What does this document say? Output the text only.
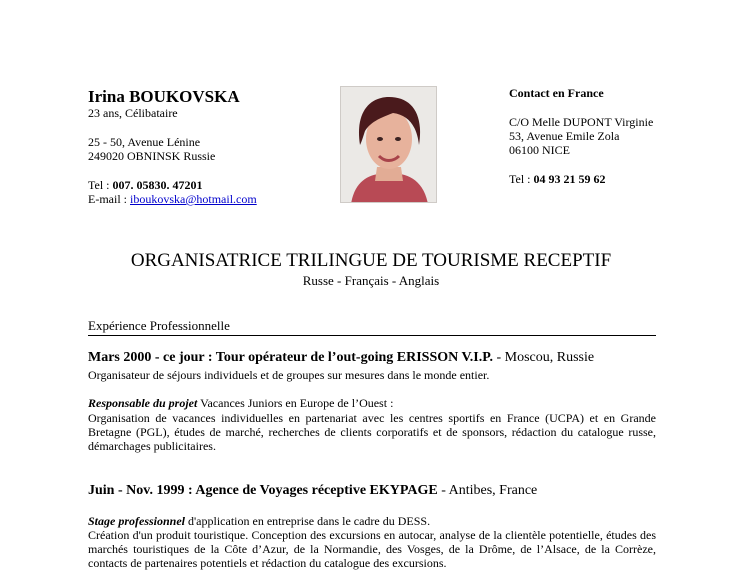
Irina BOUKOVSKA
23 ans, Célibataire
25 - 50, Avenue Lénine
249020 OBNINSK Russie
Tel : 007. 05830. 47201
E-mail : iboukovska@hotmail.com
Contact en France
C/O Melle DUPONT Virginie
53, Avenue Emile Zola
06100 NICE
Tel : 04 93 21 59 62
ORGANISATRICE TRILINGUE DE TOURISME RECEPTIF
Russe - Français - Anglais
Expérience Professionnelle
Mars 2000 - ce jour : Tour opérateur de l’out-going ERISSON V.I.P. - Moscou, Russie
Organisateur de séjours individuels et de groupes sur mesures dans le monde entier.
Responsable du projet Vacances Juniors en Europe de l’Ouest :
Organisation de vacances individuelles en partenariat avec les centres sportifs en France (UCPA) et en Grande Bretagne (PGL), études de marché, recherches de clients corporatifs et de sponsors, rédaction du catalogue russe, démarchages publicitaires.
Juin - Nov. 1999 : Agence de Voyages réceptive EKYPAGE - Antibes, France
Stage professionnel d'application en entreprise dans le cadre du DESS.
Création d'un produit touristique. Conception des excursions en autocar, analyse de la clientèle potentielle, études des marchés touristiques de la Côte d’Azur, de la Normandie, des Vosges, de la Drôme, de l’Alsace, de la Corrèze, contacts de partenaires potentiels et rédaction du catalogue des excursions.
